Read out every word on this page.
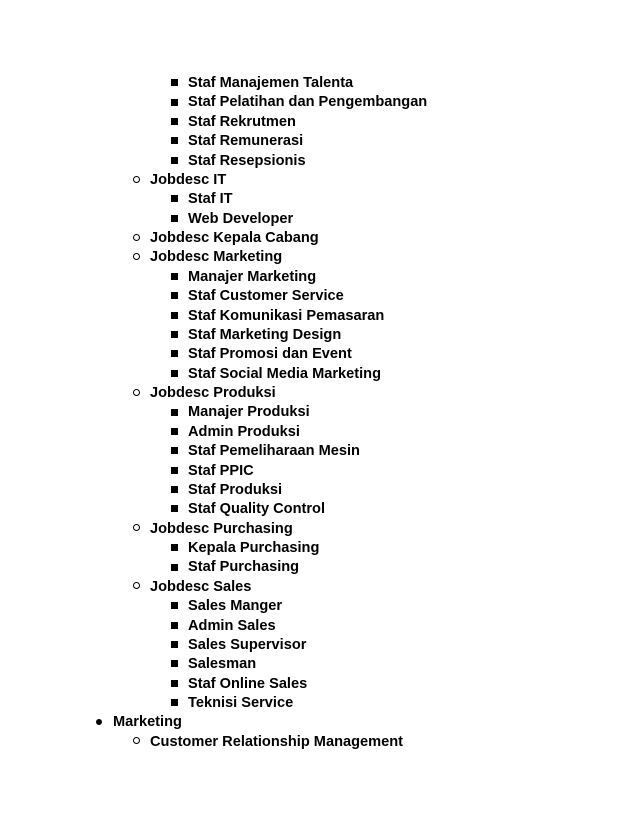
Staf Manajemen Talenta
Staf Pelatihan dan Pengembangan
Staf Rekrutmen
Staf Remunerasi
Staf Resepsionis
Jobdesc IT
Staf IT
Web Developer
Jobdesc Kepala Cabang
Jobdesc Marketing
Manajer Marketing
Staf Customer Service
Staf Komunikasi Pemasaran
Staf Marketing Design
Staf Promosi dan Event
Staf Social Media Marketing
Jobdesc Produksi
Manajer Produksi
Admin Produksi
Staf Pemeliharaan Mesin
Staf PPIC
Staf Produksi
Staf Quality Control
Jobdesc Purchasing
Kepala Purchasing
Staf Purchasing
Jobdesc Sales
Sales Manger
Admin Sales
Sales Supervisor
Salesman
Staf Online Sales
Teknisi Service
Marketing
Customer Relationship Management
